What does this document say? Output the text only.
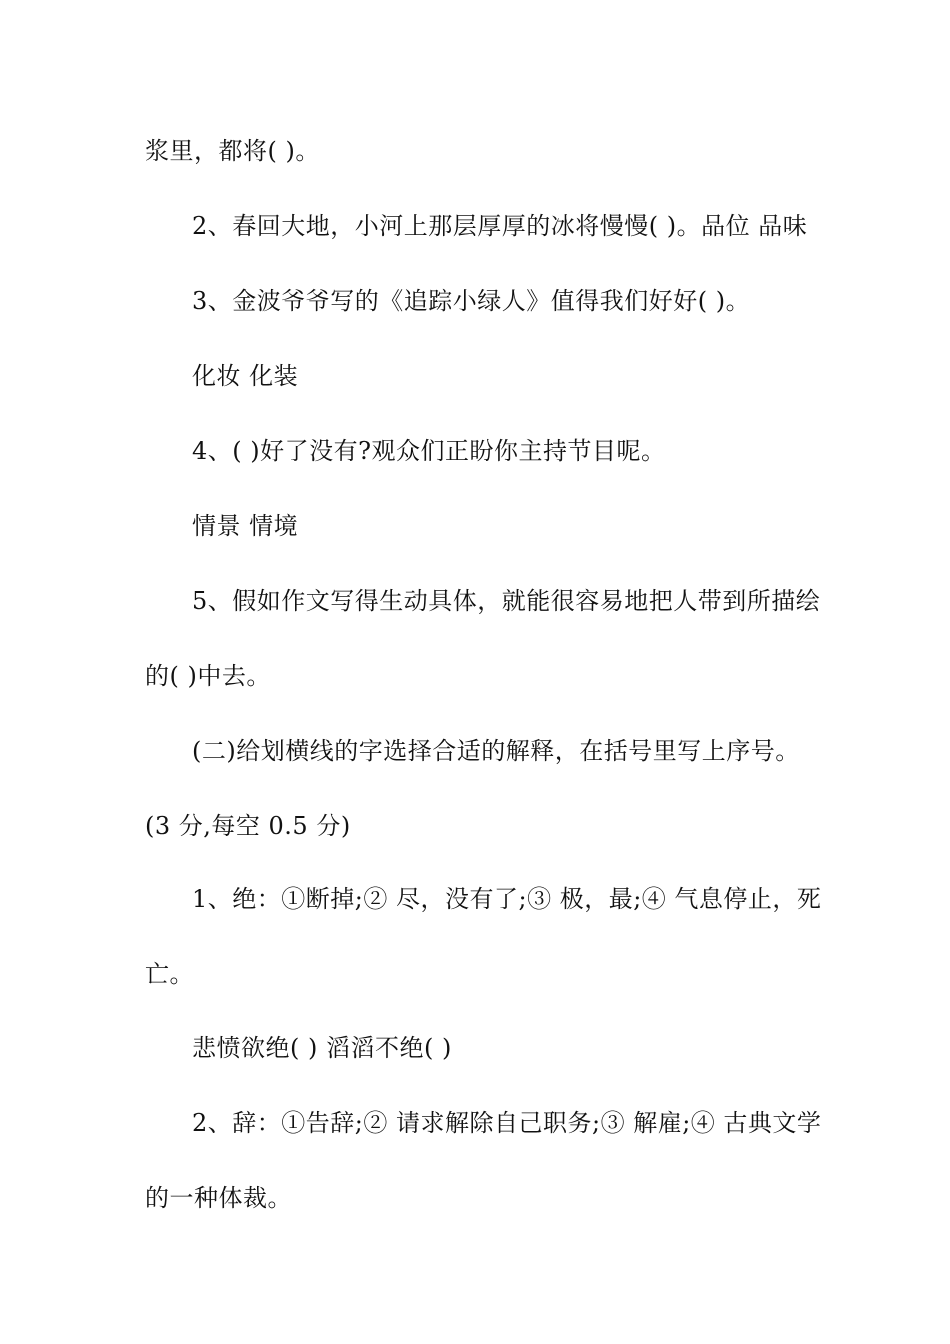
浆里，都将( )。
2、春回大地，小河上那层厚厚的冰将慢慢( )。品位 品味
3、金波爷爷写的《追踪小绿人》值得我们好好( )。
化妆 化装
4、( )好了没有?观众们正盼你主持节目呢。
情景 情境
5、假如作文写得生动具体，就能很容易地把人带到所描绘
的( )中去。
(二)给划横线的字选择合适的解释，在括号里写上序号。
(3 分,每空 0.5 分)
1、绝：①断掉;② 尽，没有了;③ 极，最;④ 气息停止，死
亡。
悲愤欲绝( ) 滔滔不绝( )
2、辞：①告辞;② 请求解除自己职务;③ 解雇;④ 古典文学
的一种体裁。
